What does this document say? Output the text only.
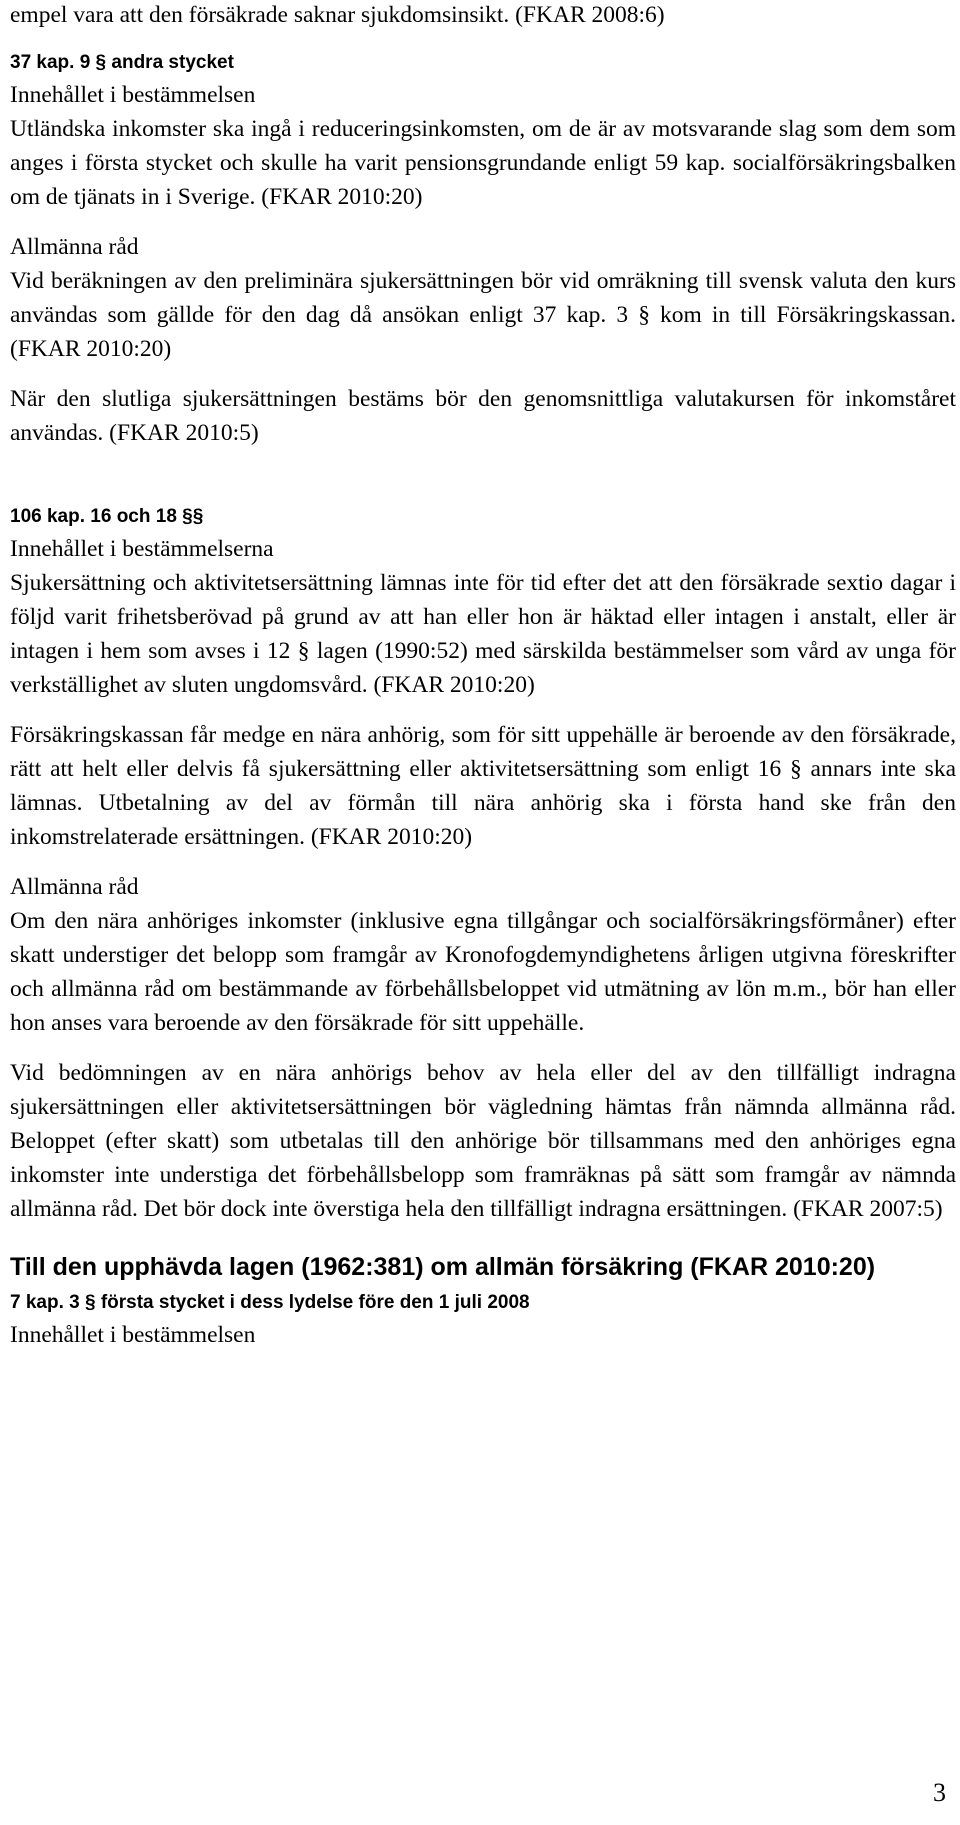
empel vara att den försäkrade saknar sjukdomsinsikt. (FKAR 2008:6)

37 kap. 9 § andra stycket

Innehållet i bestämmelsen

Utländska inkomster ska ingå i reduceringsinkomsten, om de är av motsvarande slag som dem som anges i första stycket och skulle ha varit pensionsgrundande enligt 59 kap. socialförsäkringsbalken om de tjänats in i Sverige. (FKAR 2010:20)

Allmänna råd

Vid beräkningen av den preliminära sjukersättningen bör vid omräkning till svensk valuta den kurs användas som gällde för den dag då ansökan enligt 37 kap. 3 § kom in till Försäkringskassan. (FKAR 2010:20)

När den slutliga sjukersättningen bestäms bör den genomsnittliga valutakursen för inkomståret användas. (FKAR 2010:5)

106 kap. 16 och 18 §§

Innehållet i bestämmelserna

Sjukersättning och aktivitetsersättning lämnas inte för tid efter det att den försäkrade sextio dagar i följd varit frihetsberövad på grund av att han eller hon är häktad eller intagen i anstalt, eller är intagen i hem som avses i 12 § lagen (1990:52) med särskilda bestämmelser som vård av unga för verkställighet av sluten ungdomsvård. (FKAR 2010:20)

Försäkringskassan får medge en nära anhörig, som för sitt uppehälle är beroende av den försäkrade, rätt att helt eller delvis få sjukersättning eller aktivitetsersättning som enligt 16 § annars inte ska lämnas. Utbetalning av del av förmån till nära anhörig ska i första hand ske från den inkomstrelaterade ersättningen. (FKAR 2010:20)

Allmänna råd

Om den nära anhöriges inkomster (inklusive egna tillgångar och socialförsäkringsförmåner) efter skatt understiger det belopp som framgår av Kronofogdemyndighetens årligen utgivna föreskrifter och allmänna råd om bestämmande av förbehållsbeloppet vid utmätning av lön m.m., bör han eller hon anses vara beroende av den försäkrade för sitt uppehälle.

Vid bedömningen av en nära anhörigs behov av hela eller del av den tillfälligt indragna sjukersättningen eller aktivitetsersättningen bör vägledning hämtas från nämnda allmänna råd. Beloppet (efter skatt) som utbetalas till den anhörige bör tillsammans med den anhöriges egna inkomster inte understiga det förbehållsbelopp som framräknas på sätt som framgår av nämnda allmänna råd. Det bör dock inte överstiga hela den tillfälligt indragna ersättningen. (FKAR 2007:5)

Till den upphävda lagen (1962:381) om allmän försäkring (FKAR 2010:20)

7 kap. 3 § första stycket i dess lydelse före den 1 juli 2008

Innehållet i bestämmelsen

3
